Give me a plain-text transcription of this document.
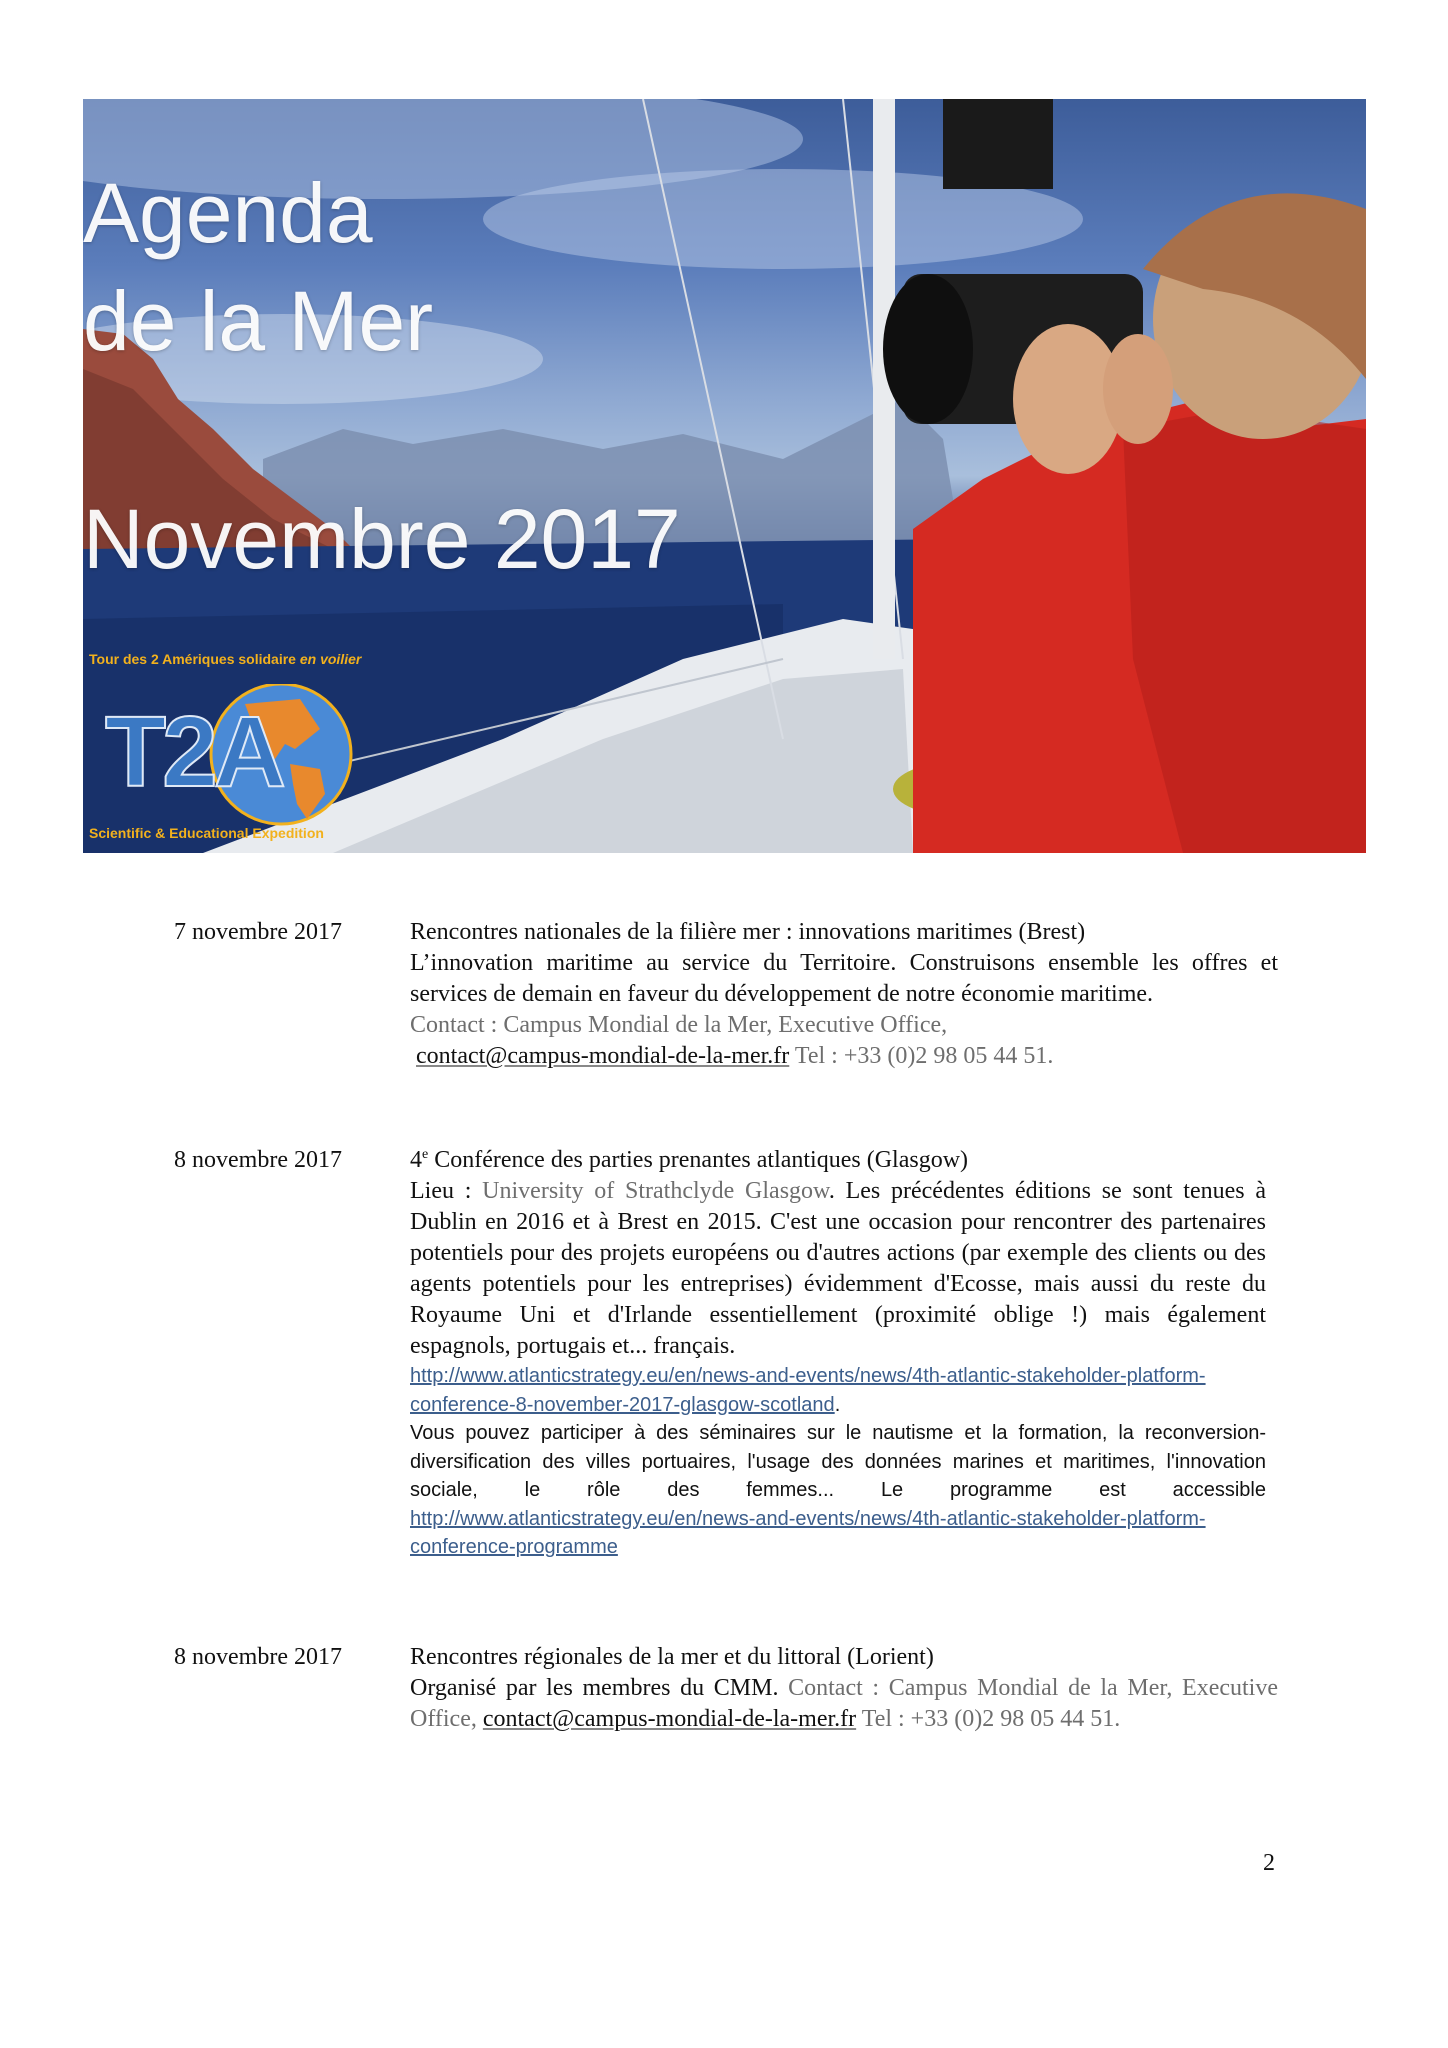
Agenda
de la Mer
Novembre 2017
Tour des 2 Amériques solidaire en voilier
T2A
Scientific & Educational Expedition
7 novembre 2017	Rencontres nationales de la filière mer : innovations maritimes (Brest)

L’innovation maritime au service du Territoire. Construisons ensemble les offres et services de demain en faveur du développement de notre économie maritime.

Contact : Campus Mondial de la Mer, Executive Office,

contact@campus-mondial-de-la-mer.fr Tel : +33 (0)2 98 05 44 51.

8 novembre 2017	4e Conférence des parties prenantes atlantiques (Glasgow)

Lieu : University of Strathclyde Glasgow. Les précédentes éditions se sont tenues à Dublin en 2016 et à Brest en 2015. C'est une occasion pour rencontrer des partenaires potentiels pour des projets européens ou d'autres actions (par exemple des clients ou des agents potentiels pour les entreprises) évidemment d'Ecosse, mais aussi du reste du Royaume Uni et d'Irlande essentiellement (proximité oblige !) mais également espagnols, portugais et... français.

http://www.atlanticstrategy.eu/en/news-and-events/news/4th-atlantic-stakeholder-platform-conference-8-november-2017-glasgow-scotland.

Vous pouvez participer à des séminaires sur le nautisme et la formation, la reconversion-diversification des villes portuaires, l'usage des données marines et maritimes, l'innovation sociale, le rôle des femmes... Le programme est accessible http://www.atlanticstrategy.eu/en/news-and-events/news/4th-atlantic-stakeholder-platform-conference-programme

8 novembre 2017	Rencontres régionales de la mer et du littoral (Lorient)

Organisé par les membres du CMM. Contact : Campus Mondial de la Mer, Executive Office, contact@campus-mondial-de-la-mer.fr Tel : +33 (0)2 98 05 44 51.

2
